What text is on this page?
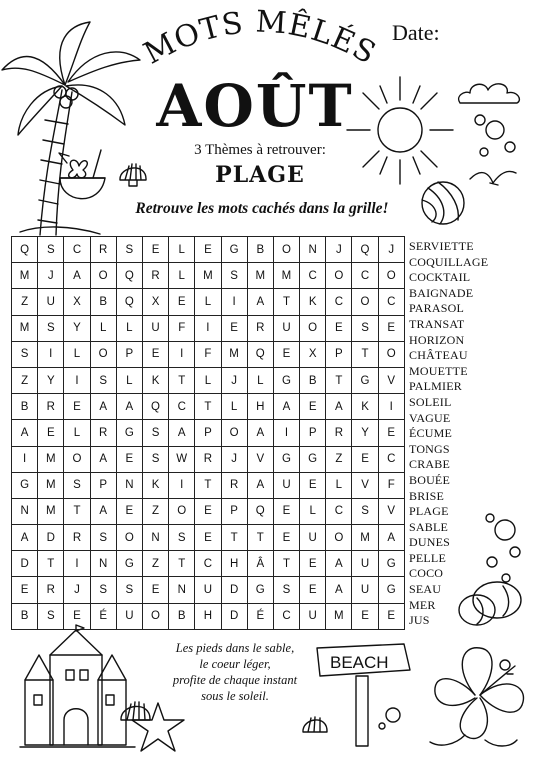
MOTS MÊLÉS Date:
AOÛT
3 Thèmes à retrouver:
PLAGE
Retrouve les mots cachés dans la grille!
Q	S	C	R	S	E	L	E	G	B	O	N	J	Q	J
M	J	A	O	Q	R	L	M	S	M	M	C	O	C	O
Z	U	X	B	Q	X	E	L	I	A	T	K	C	O	C
M	S	Y	L	L	U	F	I	E	R	U	O	E	S	E
S	I	L	O	P	E	I	F	M	Q	E	X	P	T	O
Z	Y	I	S	L	K	T	L	J	L	G	B	T	G	V
B	R	E	A	A	Q	C	T	L	H	A	E	A	K	I
A	E	L	R	G	S	A	P	O	A	I	P	R	Y	E
I	M	O	A	E	S	W	R	J	V	G	G	Z	E	C
G	M	S	P	N	K	I	T	R	A	U	E	L	V	F
N	M	T	A	E	Z	O	E	P	Q	E	L	C	S	V
A	D	R	S	O	N	S	E	T	T	E	U	O	M	A
D	T	I	N	G	Z	T	C	H	Â	T	E	A	U	G
E	R	J	S	S	E	N	U	D	G	S	E	A	U	G
B	S	E	É	U	O	B	H	D	É	C	U	M	E	E
SERVIETTE
COQUILLAGE
COCKTAIL
BAIGNADE
PARASOL
TRANSAT
HORIZON
CHÂTEAU
MOUETTE
PALMIER
SOLEIL
VAGUE
ÉCUME
TONGS
CRABE
BOUÉE
BRISE
PLAGE
SABLE
DUNES
PELLE
COCO
SEAU
MER
JUS
Les pieds dans le sable,
le coeur léger,
profite de chaque instant
sous le soleil.
BEACH
